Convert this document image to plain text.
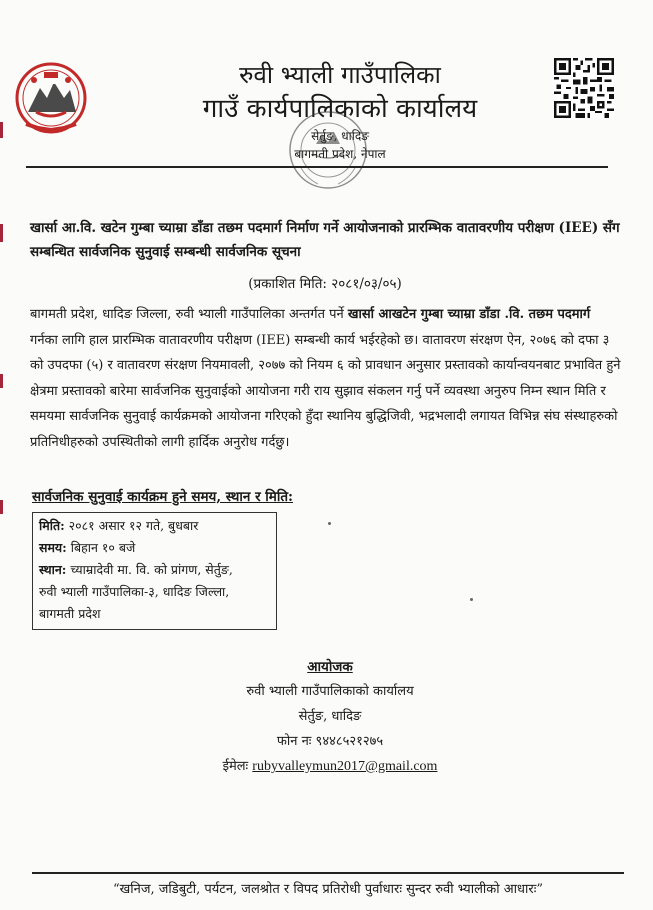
रुवी भ्याली गाउँपालिका
गाउँ कार्यपालिकाको कार्यालय
सेर्तुङ, धादिङ
बागमती प्रदेश, नेपाल
खार्सा आ.वि. खटेन गुम्बा च्याम्रा डाँडा तछम पदमार्ग निर्माण गर्ने आयोजनाको प्रारम्भिक वातावरणीय परीक्षण (IEE) सँग सम्बन्धित सार्वजनिक सुनुवाई सम्बन्धी सार्वजनिक सूचना
(प्रकाशित मिति: २०८१/०३/०५)
बागमती प्रदेश, धादिङ जिल्ला, रुवी भ्याली गाउँपालिका अन्तर्गत पर्ने खार्सा आखटेन गुम्बा च्याम्रा डाँडा .वि. तछम पदमार्ग गर्नका लागि हाल प्रारम्भिक वातावरणीय परीक्षण (IEE) सम्बन्धी कार्य भईरहेको छ। वातावरण संरक्षण ऐन, २०७६ को दफा ३ को उपदफा (५) र वातावरण संरक्षण नियमावली, २०७७ को नियम ६ को प्रावधान अनुसार प्रस्तावको कार्यान्वयनबाट प्रभावित हुने क्षेत्रमा प्रस्तावको बारेमा सार्वजनिक सुनुवाईको आयोजना गरी राय सुझाव संकलन गर्नु पर्ने व्यवस्था अनुरुप निम्न स्थान मिति र समयमा सार्वजनिक सुनुवाई कार्यक्रमको आयोजना गरिएको हुँदा स्थानिय बुद्धिजिवी, भद्रभलादी लगायत विभिन्न संघ संस्थाहरुको प्रतिनिधीहरुको उपस्थितीको लागी हार्दिक अनुरोध गर्दछु।
सार्वजनिक सुनुवाई कार्यक्रम हुने समय, स्थान र मिति:
मिति: २०८१ असार १२ गते, बुधबार
समय: बिहान १० बजे
स्थान: च्याम्रादेवी मा. वि. को प्रांगण, सेर्तुङ,
रुवी भ्याली गाउँपालिका-३, धादिङ जिल्ला,
बागमती प्रदेश
आयोजक
रुवी भ्याली गाउँपालिकाको कार्यालय
सेर्तुङ, धादिङ
फोन नः ९४४८५२१२७५
ईमेलः rubyvalleymun2017@gmail.com
“खनिज, जडिबुटी, पर्यटन, जलश्रोत र विपद प्रतिरोधी पुर्वाधारः सुन्दर रुवी भ्यालीको आधारः”
